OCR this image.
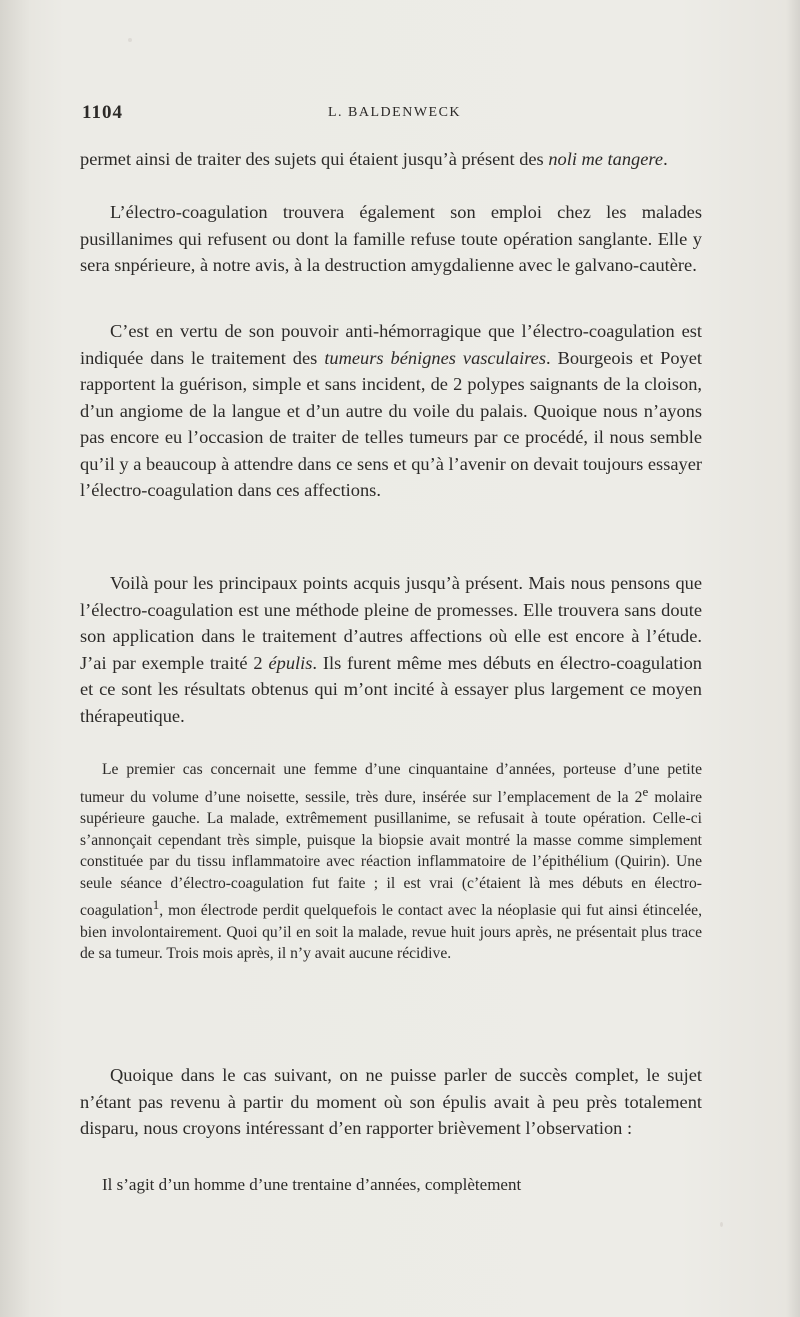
1104	L. BALDENWECK

permet ainsi de traiter des sujets qui étaient jusqu’à présent des noli me tangere.

L’électro-coagulation trouvera également son emploi chez les malades pusillanimes qui refusent ou dont la famille refuse toute opération sanglante. Elle y sera snpérieure, à notre avis, à la destruction amygdalienne avec le galvano-cautère.

C’est en vertu de son pouvoir anti-hémorragique que l’électro-coagulation est indiquée dans le traitement des tumeurs bénignes vasculaires. Bourgeois et Poyet rapportent la guérison, simple et sans incident, de 2 polypes saignants de la cloison, d’un angiome de la langue et d’un autre du voile du palais. Quoique nous n’ayons pas encore eu l’occasion de traiter de telles tumeurs par ce procédé, il nous semble qu’il y a beaucoup à attendre dans ce sens et qu’à l’avenir on devait toujours essayer l’électro-coagulation dans ces affections.

Voilà pour les principaux points acquis jusqu’à présent. Mais nous pensons que l’électro-coagulation est une méthode pleine de promesses. Elle trouvera sans doute son application dans le traitement d’autres affections où elle est encore à l’étude. J’ai par exemple traité 2 épulis. Ils furent même mes débuts en électro-coagulation et ce sont les résultats obtenus qui m’ont incité à essayer plus largement ce moyen thérapeutique.

Le premier cas concernait une femme d’une cinquantaine d’années, porteuse d’une petite tumeur du volume d’une noisette, sessile, très dure, insérée sur l’emplacement de la 2e molaire supérieure gauche. La malade, extrêmement pusillanime, se refusait à toute opération. Celle-ci s’annonçait cependant très simple, puisque la biopsie avait montré la masse comme simplement constituée par du tissu inflammatoire avec réaction inflammatoire de l’épithélium (Quirin). Une seule séance d’électro-coagulation fut faite ; il est vrai (c’étaient là mes débuts en électro-coagulation$^1$, mon électrode perdit quelquefois le contact avec la néoplasie qui fut ainsi étincelée, bien involontairement. Quoi qu’il en soit la malade, revue huit jours après, ne présentait plus trace de sa tumeur. Trois mois après, il n’y avait aucune récidive.

Quoique dans le cas suivant, on ne puisse parler de succès complet, le sujet n’étant pas revenu à partir du moment où son épulis avait à peu près totalement disparu, nous croyons intéressant d’en rapporter brièvement l’observation :

Il s’agit d’un homme d’une trentaine d’années, complètement
